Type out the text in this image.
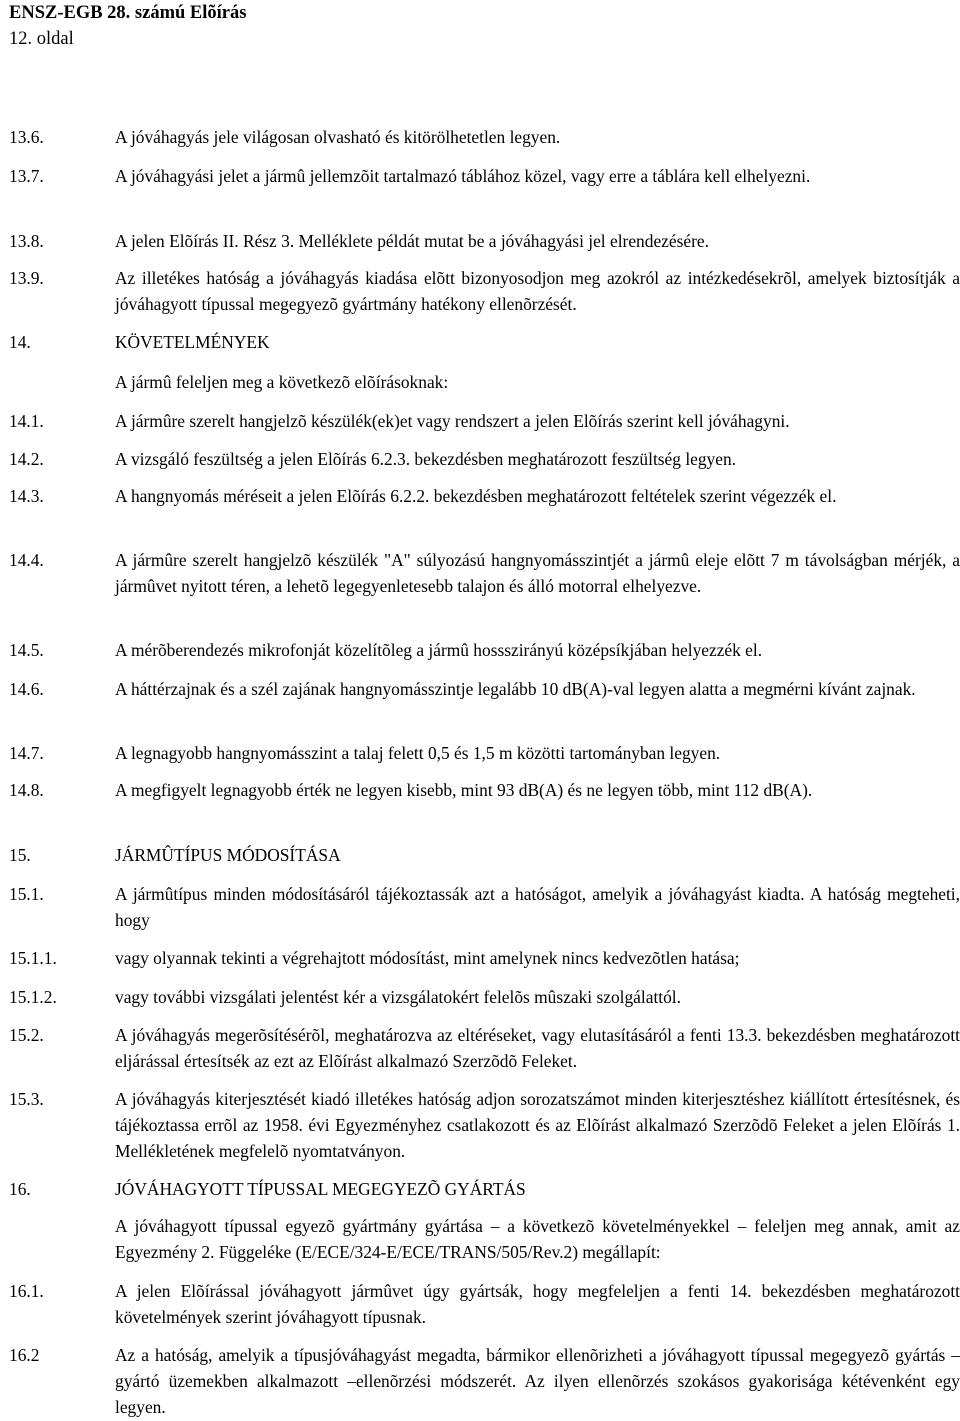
ENSZ-EGB 28. számú Elõírás
12. oldal
13.6.	A jóváhagyás jele világosan olvasható és kitörölhetetlen legyen.
13.7.	A jóváhagyási jelet a jármû jellemzõit tartalmazó táblához közel, vagy erre a táblára kell elhelyezni.
13.8.	A jelen Elõírás II. Rész 3. Melléklete példát mutat be a jóváhagyási jel elrendezésére.
13.9.	Az illetékes hatóság a jóváhagyás kiadása elõtt bizonyosodjon meg azokról az intézkedésekrõl, amelyek biztosítják a jóváhagyott típussal megegyezõ gyártmány hatékony ellenõrzését.
14.	KÖVETELMÉNYEK
A jármû feleljen meg a következõ elõírásoknak:
14.1.	A jármûre szerelt hangjelzõ készülék(ek)et vagy rendszert a jelen Elõírás szerint kell jóváhagyni.
14.2.	A vizsgáló feszültség a jelen Elõírás 6.2.3. bekezdésben meghatározott feszültség legyen.
14.3.	A hangnyomás méréseit a jelen Elõírás 6.2.2. bekezdésben meghatározott feltételek szerint végezzék el.
14.4.	A jármûre szerelt hangjelzõ készülék "A" súlyozású hangnyomásszintjét a jármû eleje elõtt 7 m távolságban mérjék, a jármûvet nyitott téren, a lehetõ legegyenletesebb talajon és álló motorral elhelyezve.
14.5.	A mérõberendezés mikrofonját közelítõleg a jármû hossszirányú középsíkjában helyezzék el.
14.6.	A háttérzajnak és a szél zajának hangnyomásszintje legalább 10 dB(A)-val legyen alatta a megmérni kívánt zajnak.
14.7.	A legnagyobb hangnyomásszint a talaj felett 0,5 és 1,5 m közötti tartományban legyen.
14.8.	A megfigyelt legnagyobb érték ne legyen kisebb, mint 93 dB(A) és ne legyen több, mint 112 dB(A).
15.	JÁRMÛTÍPUS MÓDOSÍTÁSA
15.1.	A jármûtípus minden módosításáról tájékoztassák azt a hatóságot, amelyik a jóváhagyást kiadta. A hatóság megteheti, hogy
15.1.1.	vagy olyannak tekinti a végrehajtott módosítást, mint amelynek nincs kedvezõtlen hatása;
15.1.2.	vagy további vizsgálati jelentést kér a vizsgálatokért felelõs mûszaki szolgálattól.
15.2.	A jóváhagyás megerõsítésérõl, meghatározva az eltéréseket, vagy elutasításáról a fenti 13.3. bekezdésben meghatározott eljárással értesítsék az ezt az Elõírást alkalmazó Szerzõdõ Feleket.
15.3.	A jóváhagyás kiterjesztését kiadó illetékes hatóság adjon sorozatszámot minden kiterjesztéshez kiállított értesítésnek, és tájékoztassa errõl az 1958. évi Egyezményhez csatlakozott és az Elõírást alkalmazó Szerzõdõ Feleket a jelen Elõírás 1. Mellékletének megfelelõ nyomtatványon.
16.	JÓVÁHAGYOTT TÍPUSSAL MEGEGYEZÕ GYÁRTÁS
A jóváhagyott típussal egyezõ gyártmány gyártása – a következõ követelményekkel – feleljen meg annak, amit az Egyezmény 2. Függeléke (E/ECE/324-E/ECE/TRANS/505/Rev.2) megállapít:
16.1.	A jelen Elõírással jóváhagyott jármûvet úgy gyártsák, hogy megfeleljen a fenti 14. bekezdésben meghatározott követelmények szerint jóváhagyott típusnak.
16.2	Az a hatóság, amelyik a típusjóváhagyást megadta, bármikor ellenõrizheti a jóváhagyott típussal megegyezõ gyártás – gyártó üzemekben alkalmazott –ellenõrzési módszerét. Az ilyen ellenõrzés szokásos gyakorisága kétévenként egy legyen.
